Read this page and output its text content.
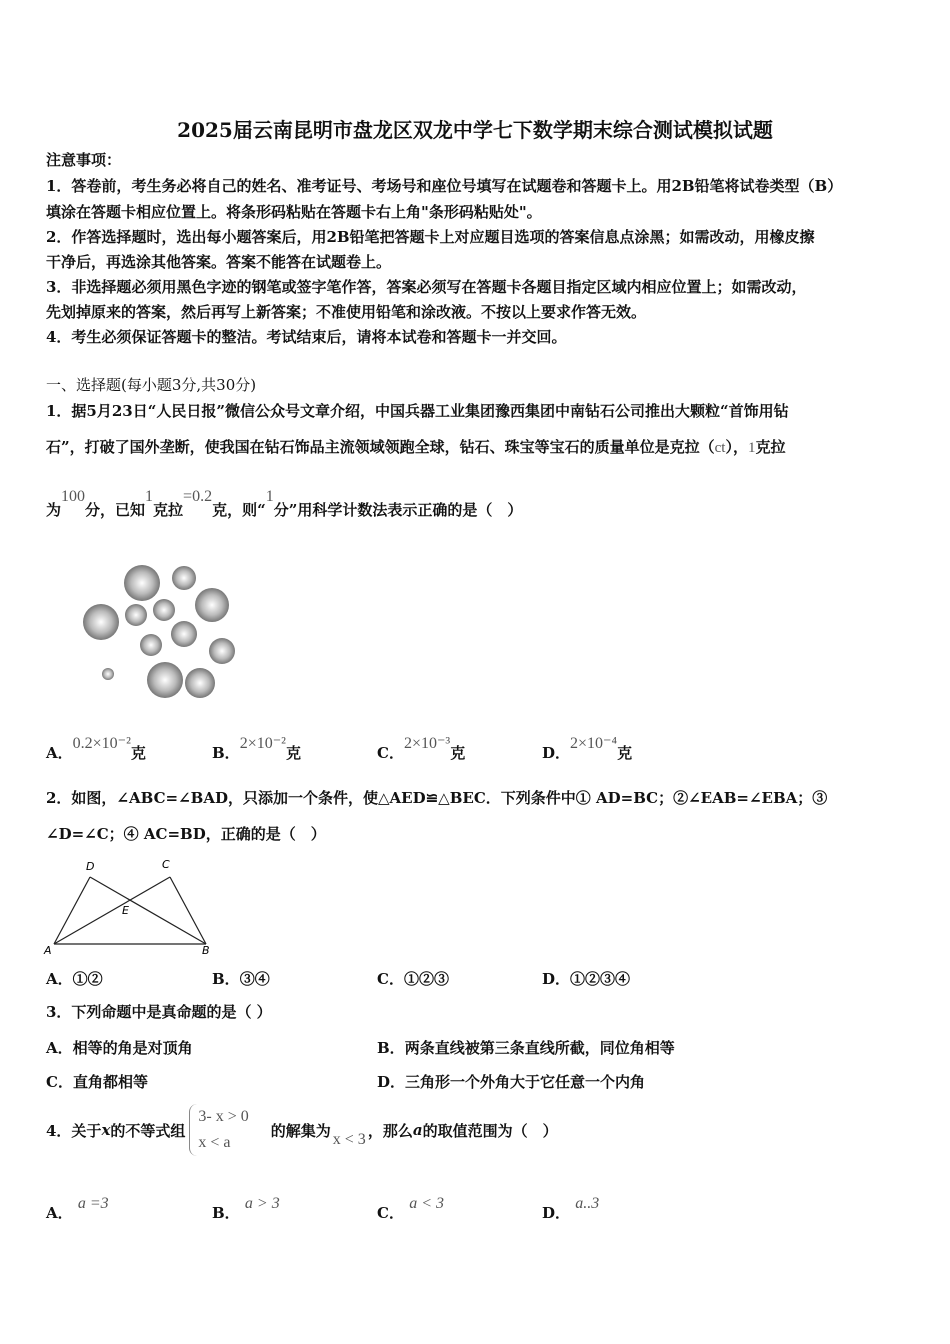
2025届云南昆明市盘龙区双龙中学七下数学期末综合测试模拟试题
注意事项：
1．答卷前，考生务必将自己的姓名、准考证号、考场号和座位号填写在试题卷和答题卡上。用2B铅笔将试卷类型（B）
填涂在答题卡相应位置上。将条形码粘贴在答题卡右上角"条形码粘贴处"。
2．作答选择题时，选出每小题答案后，用2B铅笔把答题卡上对应题目选项的答案信息点涂黑；如需改动，用橡皮擦
干净后，再选涂其他答案。答案不能答在试题卷上。
3．非选择题必须用黑色字迹的钢笔或签字笔作答，答案必须写在答题卡各题目指定区域内相应位置上；如需改动，
先划掉原来的答案，然后再写上新答案；不准使用铅笔和涂改液。不按以上要求作答无效。
4．考生必须保证答题卡的整洁。考试结束后，请将本试卷和答题卡一并交回。
一、选择题(每小题3分,共30分)
1．据5月23日“人民日报”微信公众号文章介绍，中国兵器工业集团豫西集团中南钻石公司推出大颗粒“首饰用钻
石”，打破了国外垄断，使我国在钻石饰品主流领域领跑全球，钻石、珠宝等宝石的质量单位是克拉（ct），1克拉
为100分，已知1克拉=0.2克，则“1分”用科学计数法表示正确的是（　）
A．0.2×10⁻²克	B．2×10⁻²克	C．2×10⁻³克	D．2×10⁻⁴克
2．如图，∠ABC=∠BAD，只添加一个条件，使△AED≌△BEC．下列条件中① AD=BC；②∠EAB=∠EBA；③
∠D=∠C；④ AC=BD，正确的是（　）
D	C
E
A	B
A．①②	B．③④	C．①②③	D．①②③④
3．下列命题中是真命题的是（ ）
A．相等的角是对顶角	B．两条直线被第三条直线所截，同位角相等
C．直角都相等	D．三角形一个外角大于它任意一个内角
4．关于 x 的不等式组
3- x > 0
x < a
的解集为 x < 3 ，那么 a 的取值范围为（　）
A． a =3
B． a > 3
C． a < 3
D． a..3
